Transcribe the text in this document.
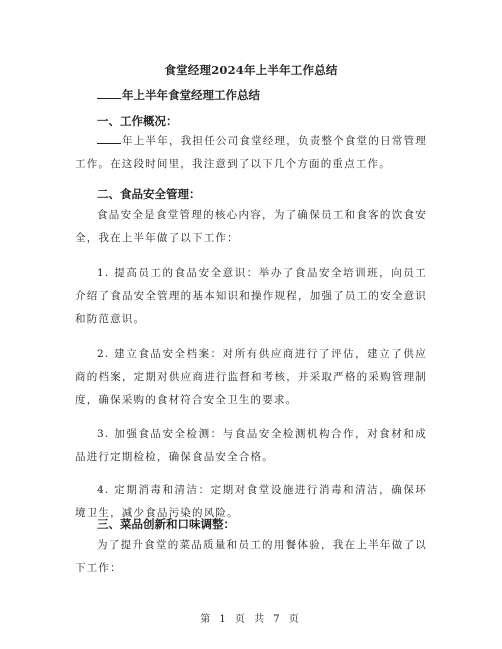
食堂经理2024年上半年工作总结
年上半年食堂经理工作总结
一、工作概况：
年上半年，我担任公司食堂经理，负责整个食堂的日常管理工作。在这段时间里，我注意到了以下几个方面的重点工作。
二、食品安全管理：
食品安全是食堂管理的核心内容，为了确保员工和食客的饮食安全，我在上半年做了以下工作：
1. 提高员工的食品安全意识：举办了食品安全培训班，向员工介绍了食品安全管理的基本知识和操作规程，加强了员工的安全意识和防范意识。
2. 建立食品安全档案：对所有供应商进行了评估，建立了供应商的档案，定期对供应商进行监督和考核，并采取严格的采购管理制度，确保采购的食材符合安全卫生的要求。
3. 加强食品安全检测：与食品安全检测机构合作，对食材和成品进行定期检检，确保食品安全合格。
4. 定期消毒和清洁：定期对食堂设施进行消毒和清洁，确保环境卫生，减少食品污染的风险。
三、菜品创新和口味调整：
为了提升食堂的菜品质量和员工的用餐体验，我在上半年做了以下工作：
第 1 页 共 7 页
